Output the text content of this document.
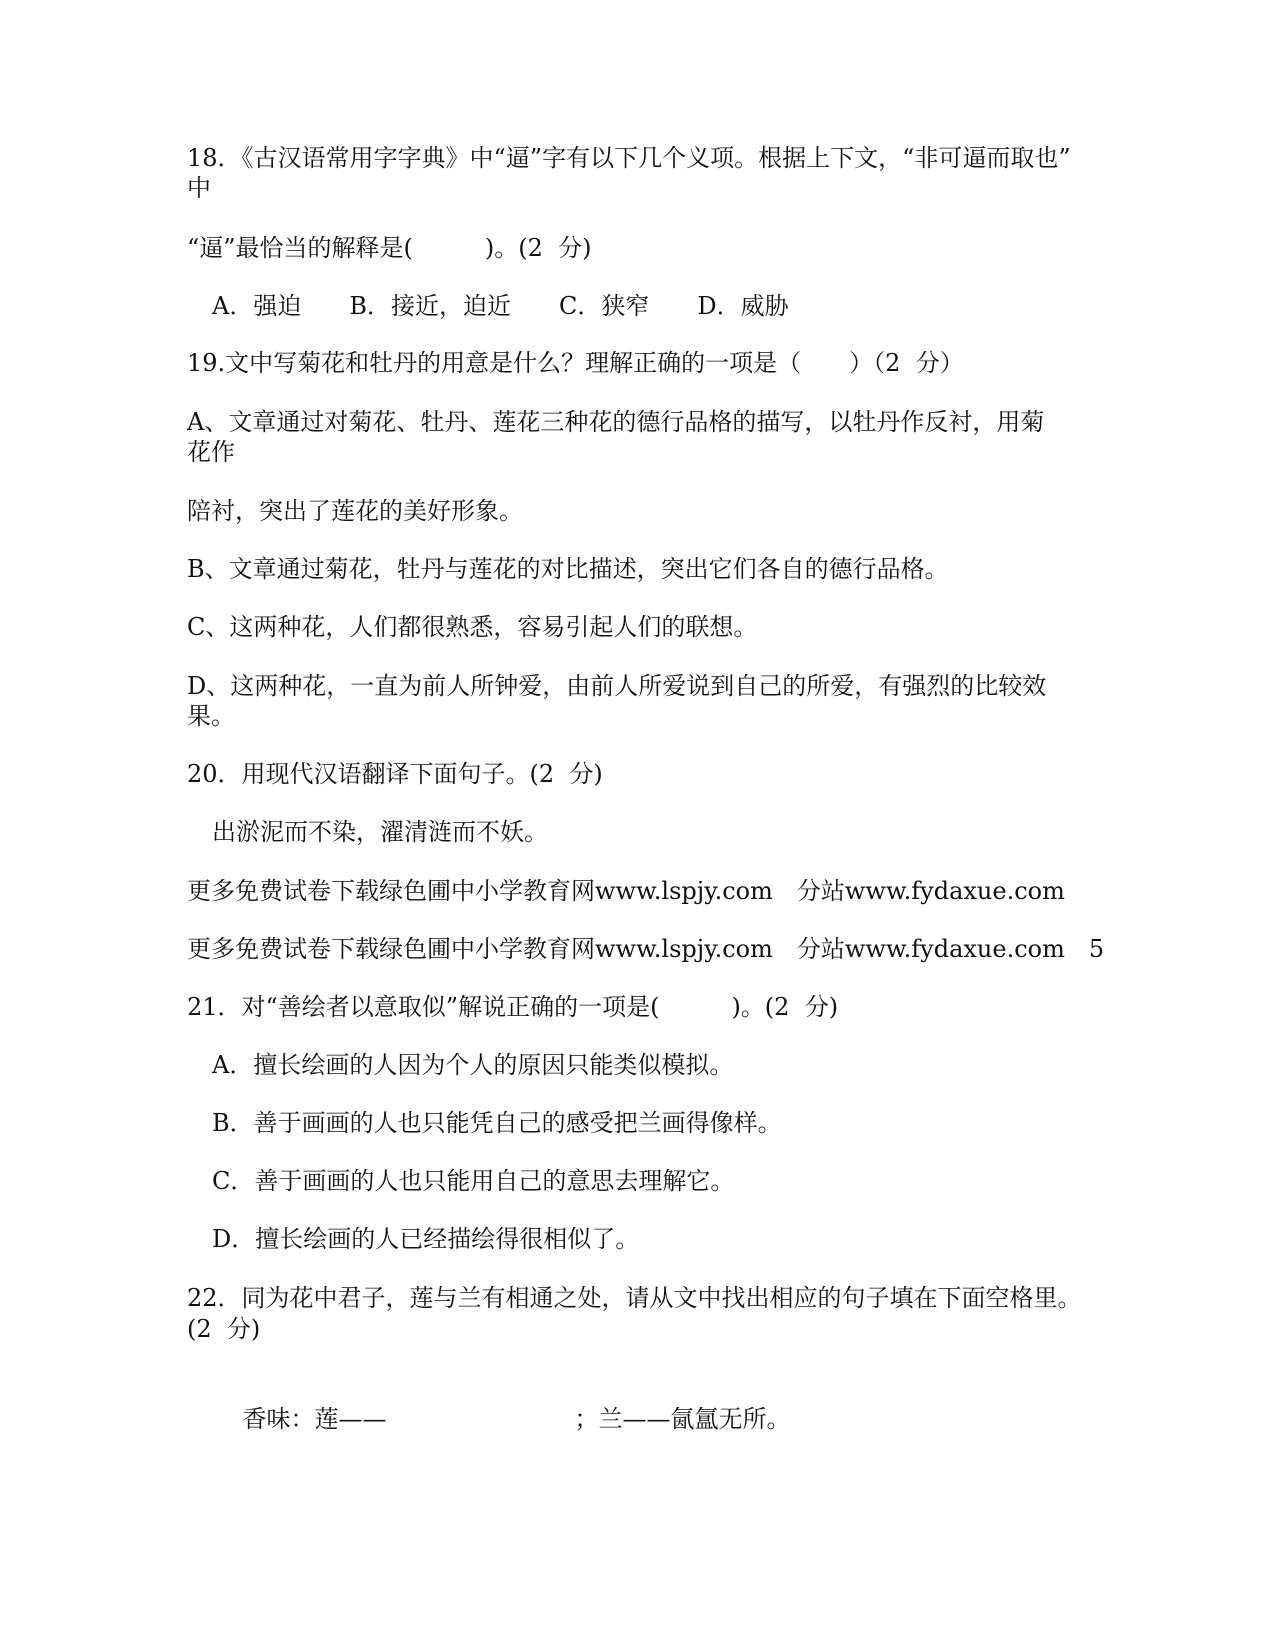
18．《古汉语常用字字典》中“逼”字有以下几个义项。根据上下文，“非可逼而取也”
中
“逼”最恰当的解释是(　　　)。(2  分)
A．强迫　　B．接近，迫近　　C．狭窄　　D．威胁
19.文中写菊花和牡丹的用意是什么？理解正确的一项是（　　）（2  分）
A、文章通过对菊花、牡丹、莲花三种花的德行品格的描写，以牡丹作反衬，用菊
花作
陪衬，突出了莲花的美好形象。
B、文章通过菊花，牡丹与莲花的对比描述，突出它们各自的德行品格。
C、这两种花，人们都很熟悉，容易引起人们的联想。
D、这两种花，一直为前人所钟爱，由前人所爱说到自己的所爱，有强烈的比较效
果。
20．用现代汉语翻译下面句子。(2  分)
出淤泥而不染，濯清涟而不妖。
更多免费试卷下载绿色圃中小学教育网www.lspjy.com　分站www.fydaxue.com
更多免费试卷下载绿色圃中小学教育网www.lspjy.com　分站www.fydaxue.com　5
21．对“善绘者以意取似”解说正确的一项是(　　　)。(2  分)
A．擅长绘画的人因为个人的原因只能类似模拟。
B．善于画画的人也只能凭自己的感受把兰画得像样。
C．善于画画的人也只能用自己的意思去理解它。
D．擅长绘画的人已经描绘得很相似了。
22．同为花中君子，莲与兰有相通之处，请从文中找出相应的句子填在下面空格里。
(2  分)

香味：莲——	；兰——氤氲无所。
